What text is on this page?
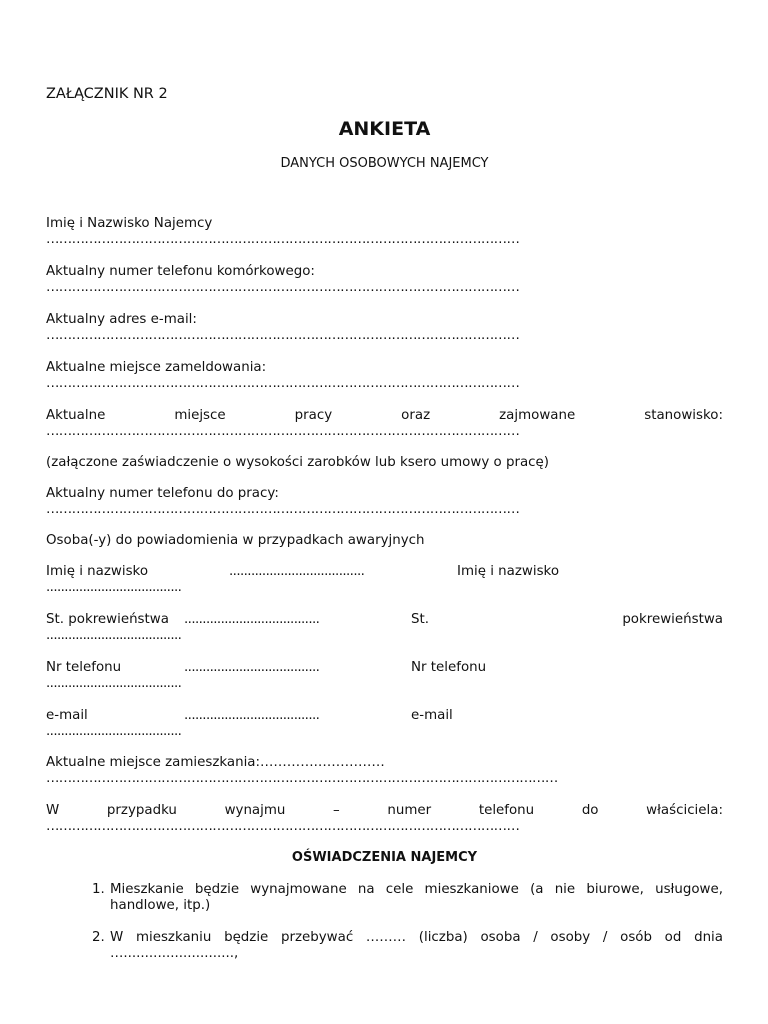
ZAŁĄCZNIK NR 2
ANKIETA
DANYCH OSOBOWYCH NAJEMCY
Imię i Nazwisko Najemcy
…………………………………………………………………………………………………
Aktualny numer telefonu komórkowego:
…………………………………………………………………………………………………
Aktualny adres e-mail:
…………………………………………………………………………………………………
Aktualne miejsce zameldowania:
…………………………………………………………………………………………………
Aktualne	miejsce	pracy	oraz	zajmowane	stanowisko:
…………………………………………………………………………………………………
(załączone zaświadczenie o wysokości zarobków lub ksero umowy o pracę)
Aktualny numer telefonu do pracy:
…………………………………………………………………………………………………
Osoba(-y) do powiadomienia w przypadkach awaryjnych
Imię i nazwisko	.....................................	Imię i nazwisko
.....................................
St. pokrewieństwa .....................................	St.	pokrewieństwa
.....................................
Nr telefonu	.....................................	Nr telefonu
.....................................
e-mail	.....................................	e-mail
.....................................
Aktualne miejsce zamieszkania:………….……………
…………………………………………………………………………………………………………
W	przypadku	wynajmu	–	numer	telefonu	do	właściciela:
…………………………………………………………………………………………………
OŚWIADCZENIA NAJEMCY
1. Mieszkanie będzie wynajmowane na cele mieszkaniowe (a nie biurowe, usługowe, handlowe, itp.)
2. W mieszkaniu będzie przebywać ……… (liczba) osoba / osoby / osób od dnia …..........................,
